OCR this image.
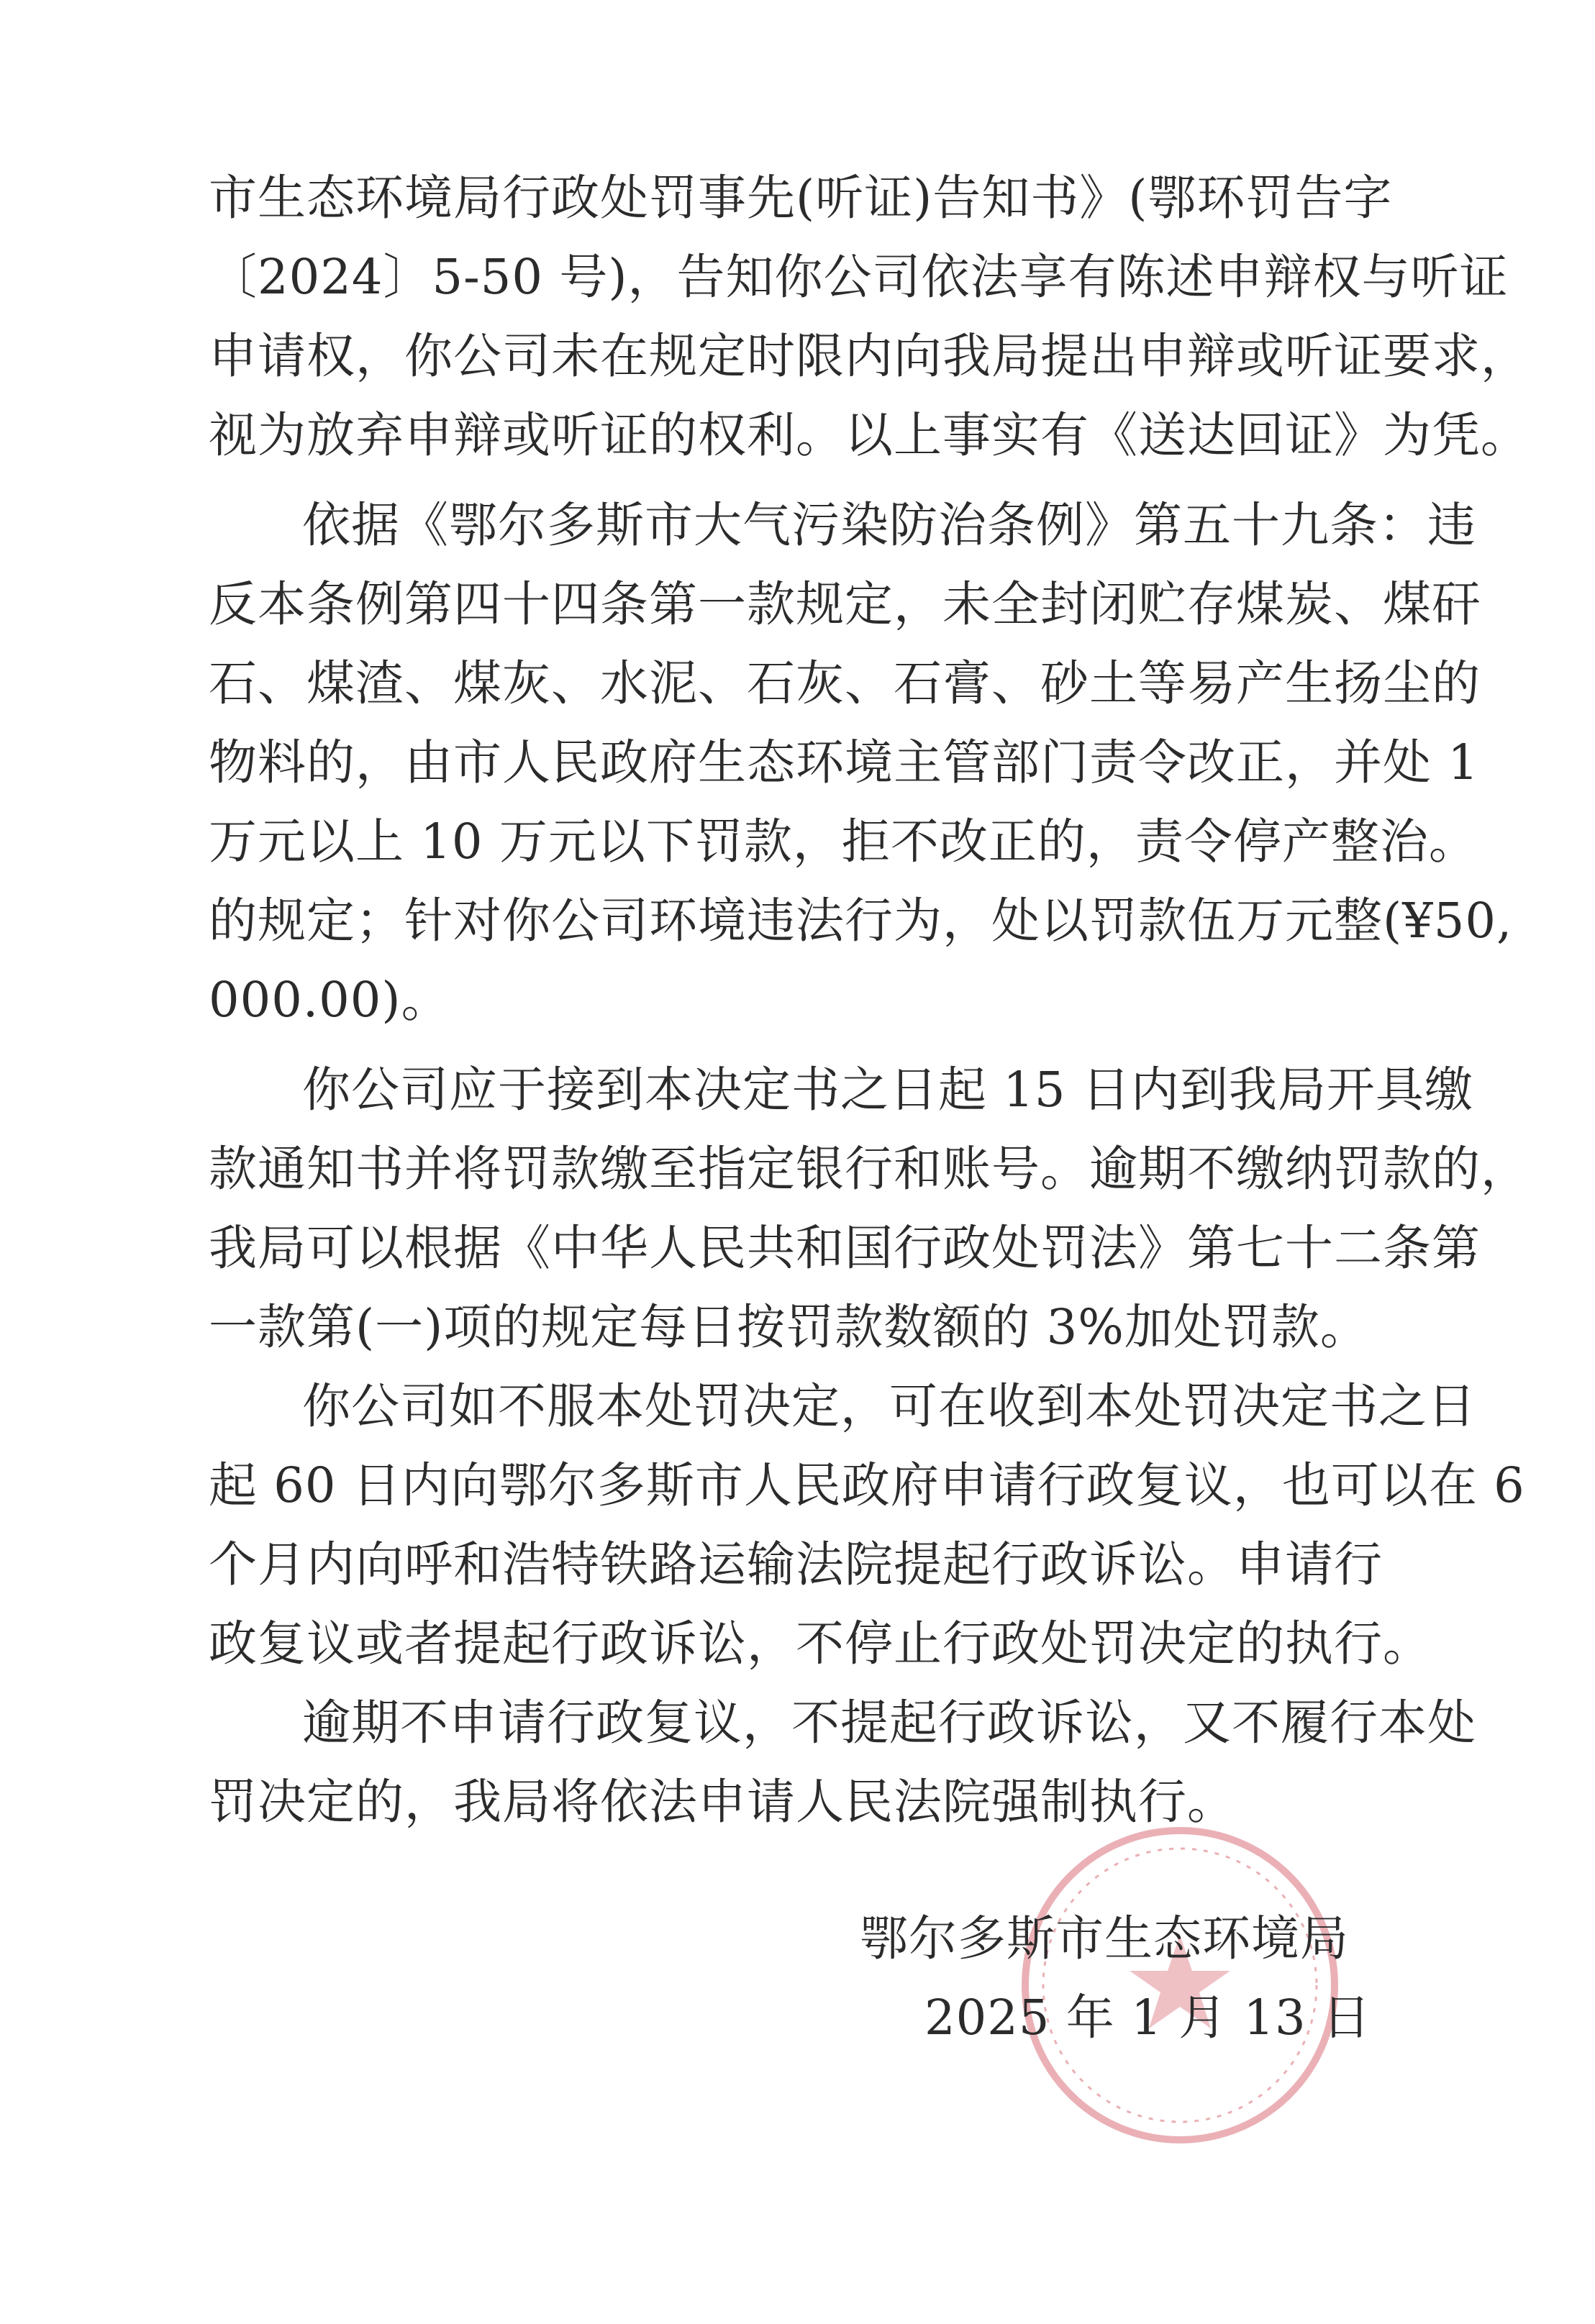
市生态环境局行政处罚事先(听证)告知书》(鄂环罚告字
〔2024〕5-50 号)，告知你公司依法享有陈述申辩权与听证
申请权，你公司未在规定时限内向我局提出申辩或听证要求，
视为放弃申辩或听证的权利。以上事实有《送达回证》为凭。
依据《鄂尔多斯市大气污染防治条例》第五十九条：违
反本条例第四十四条第一款规定，未全封闭贮存煤炭、煤矸
石、煤渣、煤灰、水泥、石灰、石膏、砂土等易产生扬尘的
物料的，由市人民政府生态环境主管部门责令改正，并处 1
万元以上 10 万元以下罚款，拒不改正的，责令停产整治。
的规定；针对你公司环境违法行为，处以罚款伍万元整(¥50,
000.00)。
你公司应于接到本决定书之日起 15 日内到我局开具缴
款通知书并将罚款缴至指定银行和账号。逾期不缴纳罚款的，
我局可以根据《中华人民共和国行政处罚法》第七十二条第
一款第(一)项的规定每日按罚款数额的 3%加处罚款。
你公司如不服本处罚决定，可在收到本处罚决定书之日
起 60 日内向鄂尔多斯市人民政府申请行政复议，也可以在 6
个月内向呼和浩特铁路运输法院提起行政诉讼。申请行
政复议或者提起行政诉讼，不停止行政处罚决定的执行。
逾期不申请行政复议，不提起行政诉讼，又不履行本处
罚决定的，我局将依法申请人民法院强制执行。
鄂尔多斯市生态环境局
2025 年 1 月 13 日
